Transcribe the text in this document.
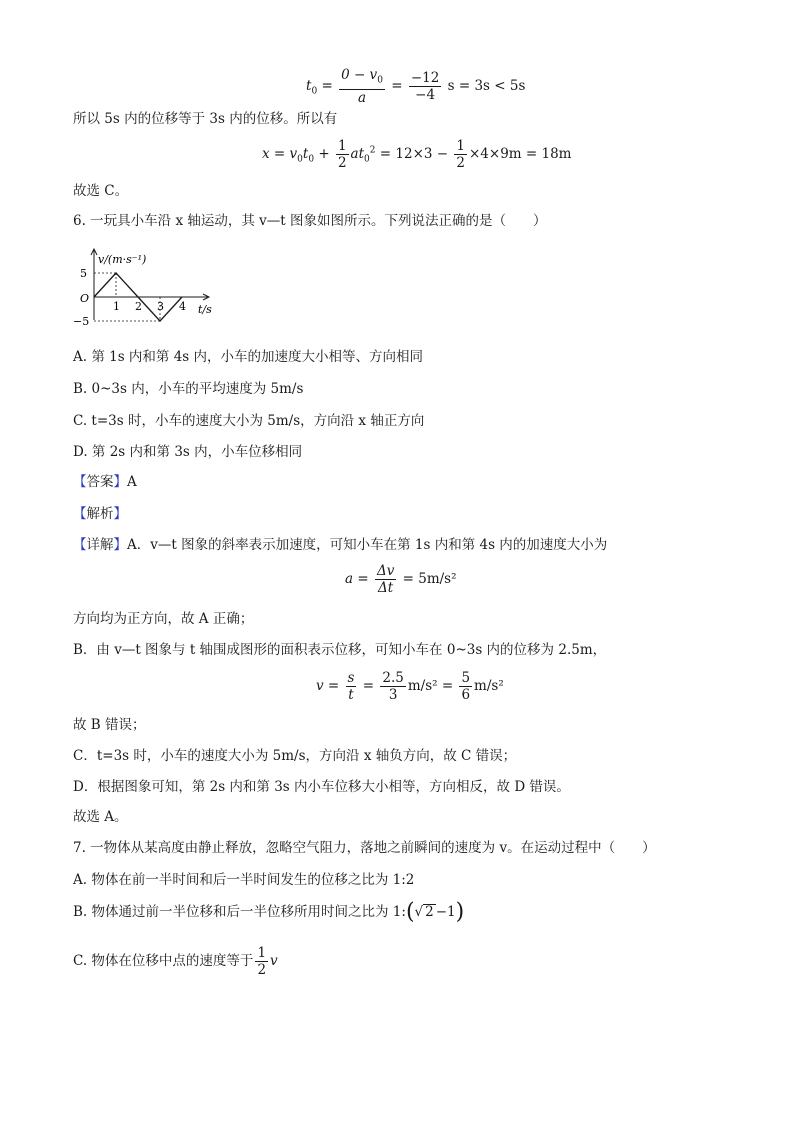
$t_0 = \frac{0 - v_0}{a} = \frac{-12}{-4}$ s = 3s < 5s
所以 5s 内的位移等于 3s 内的位移。所以有
$x = v_0t_0 + \frac{1}{2} at_0^2 = 12\times 3 - \frac{1}{2} \times 4\times 9m = 18m$
故选 C。
6. 一玩具小车沿 x 轴运动，其 v—t 图象如图所示。下列说法正确的是（　　）
v/(m·s⁻¹)
t/s
O
5
−5
1 2 3 4
A. 第 1s 内和第 4s 内，小车的加速度大小相等、方向相同
B. 0~3s 内，小车的平均速度为 5m/s
C. t=3s 时，小车的速度大小为 5m/s，方向沿 x 轴正方向
D. 第 2s 内和第 3s 内，小车位移相同
【答案】A
【解析】
【详解】A．v—t 图象的斜率表示加速度，可知小车在第 1s 内和第 4s 内的加速度大小为
$a = \frac{\Delta v}{\Delta t} = 5m/s^2$
方向均为正方向，故 A 正确；
B．由 v—t 图象与 t 轴围成图形的面积表示位移，可知小车在 0~3s 内的位移为 2.5m，
$v = \frac{s}{t} = \frac{2.5}{3} m/s^2 = \frac{5}{6} m/s^2$
故 B 错误；
C．t=3s 时，小车的速度大小为 5m/s，方向沿 x 轴负方向，故 C 错误；
D．根据图象可知，第 2s 内和第 3s 内小车位移大小相等，方向相反，故 D 错误。
故选 A。
7. 一物体从某高度由静止释放，忽略空气阻力，落地之前瞬间的速度为 v。在运动过程中（　　）
A. 物体在前一半时间和后一半时间发生的位移之比为 1:2
B. 物体通过前一半位移和后一半位移所用时间之比为 1:(√ 2 −1)
C. 物体在位移中点的速度等于 $\frac{1}{2}$ v
